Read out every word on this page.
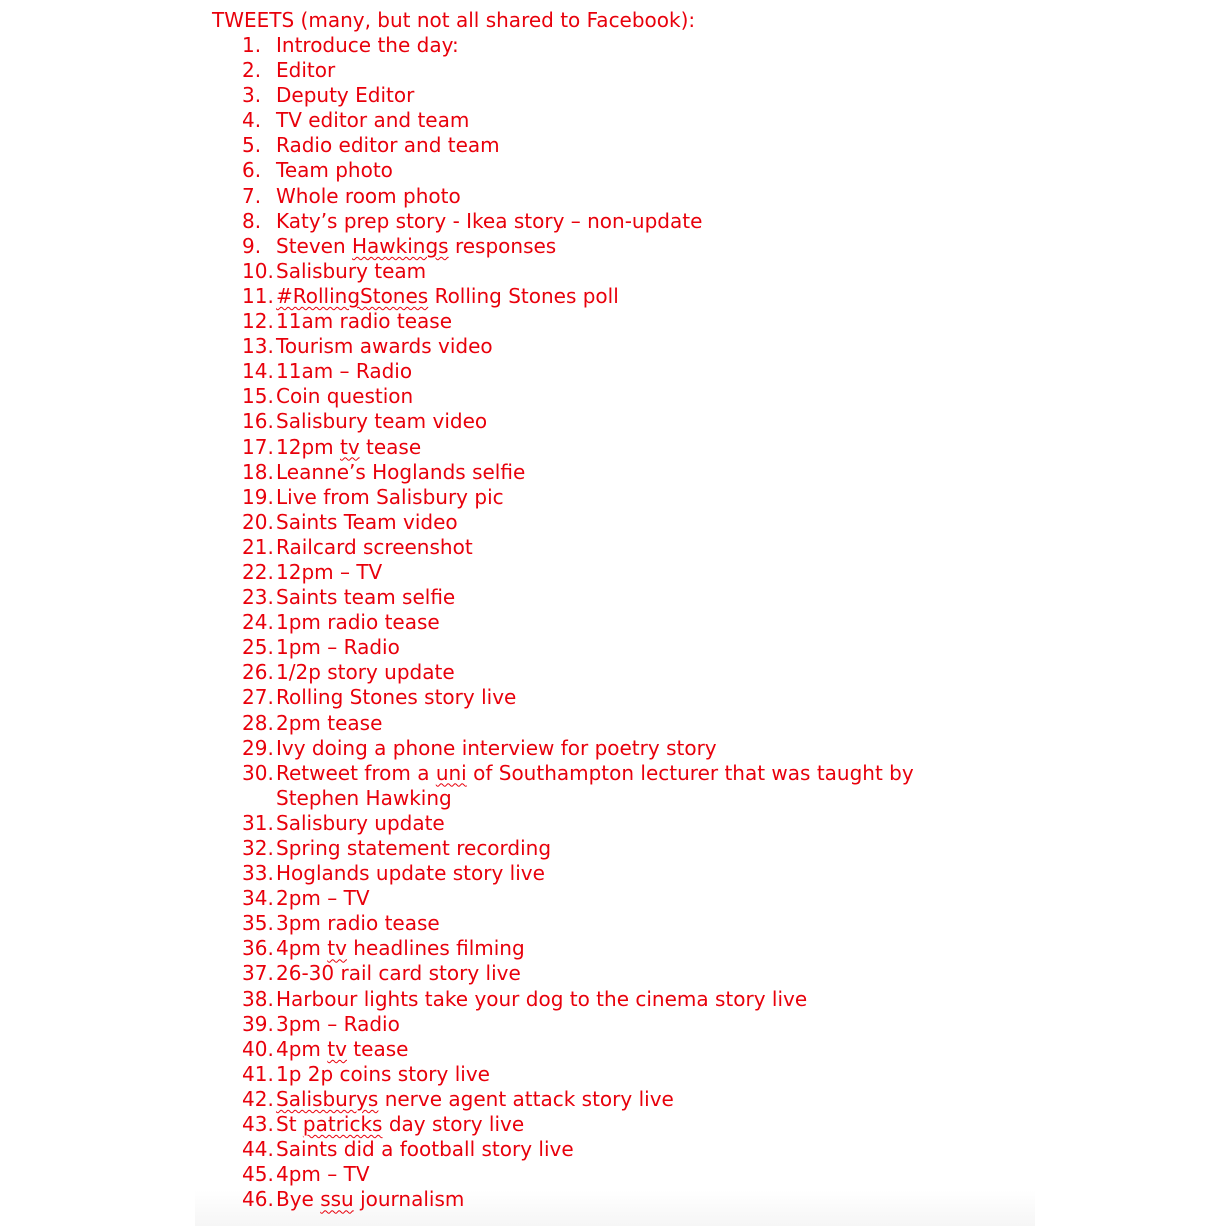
TWEETS (many, but not all shared to Facebook):
1. Introduce the day:
2. Editor
3. Deputy Editor
4. TV editor and team
5. Radio editor and team
6. Team photo
7. Whole room photo
8. Katy’s prep story - Ikea story – non-update
9. Steven Hawkings responses
10. Salisbury team
11. #RollingStones Rolling Stones poll
12. 11am radio tease
13. Tourism awards video
14. 11am – Radio
15. Coin question
16. Salisbury team video
17. 12pm tv tease
18. Leanne’s Hoglands selfie
19. Live from Salisbury pic
20. Saints Team video
21. Railcard screenshot
22. 12pm – TV
23. Saints team selfie
24. 1pm radio tease
25. 1pm – Radio
26. 1/2p story update
27. Rolling Stones story live
28. 2pm tease
29. Ivy doing a phone interview for poetry story
30. Retweet from a uni of Southampton lecturer that was taught by Stephen Hawking
31. Salisbury update
32. Spring statement recording
33. Hoglands update story live
34. 2pm – TV
35. 3pm radio tease
36. 4pm tv headlines filming
37. 26-30 rail card story live
38. Harbour lights take your dog to the cinema story live
39. 3pm – Radio
40. 4pm tv tease
41. 1p 2p coins story live
42. Salisburys nerve agent attack story live
43. St patricks day story live
44. Saints did a football story live
45. 4pm – TV
46. Bye ssu journalism
